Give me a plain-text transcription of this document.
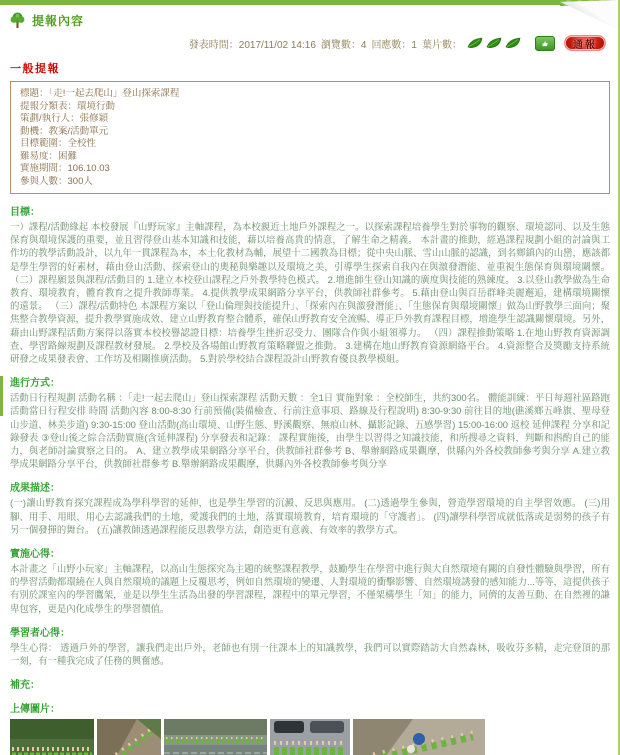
提報內容
發表時間：2017/11/02 14:16 瀏覽數：4 回應數：1 葉片數：	通報
一般提報
標題：「走!一起去爬山」登山探索課程
提報分類表：環境行動
策劃/執行人：張修穎
動機：教案/活動單元
目標範圍：全校性
難易度：困難
實施期間：106.10.03
參與人數：300人
目標：
一）課程/活動緣起 本校發展『山野玩家』主軸課程，為本校親近土地戶外課程之一。以探索課程培養學生對於事物的觀察、環境認同、以及生態保育與環境保護的重要，並且習得登山基本知識和技能，藉以培養高貴的情意，了解生命之精義。 本計畫的推動，經過課程規劃小組的討論與工作坊的教學活動設計，以九年一貫課程為本，本土化教材為輔，展望十二國教為目標；從中央山脈、雪山山脈的認識，到名鄉鎮內的山巒，應該都是學生學習的好素材，藉由登山活動、探索登山的奧秘與樂趣以及環境之美，引導學生探索自我內在與激發潛能、並重視生態保育與環境關懷。 （二）課程願景與課程/活動目的 1.建立本校登山課程之戶外教學特色模式。 2.增進師生登山知識的廣度與技能的熟練度。 3.以登山教學做為生命教育、環境教育，體育教育之提升教師專業。 4.提供教學成果網路分享平台，供教師社群參考。 5.藉由登山與百岳群峰美麗邂逅，建構環境關懷的遠景。 （三）課程/活動特色 本課程方案以「登山倫理與技能提升」、「探索內在與激發潛能」、「生態保育與環境關懷」做為山野教學三面向；聚焦整合教學資源，提升教學實施成效、建立山野教育整合體系，確保山野教育安全流暢、導正戶外教育課程目標，增進學生認識關懷環境。另外，藉由山野課程活動方案得以落實本校校譽認證目標：培養學生挫折忍受力、團隊合作與小組領導力。 （四）課程推動策略 1.在地山野教育資源調查、學習路線規劃及課程教材發展。 2.學校及各場館山野教育策略聯盟之推動。 3.建構在地山野教育資源網絡平台。 4.資源整合及獎勵支持系統研發之成果發表會、工作坊及相關推廣活動。 5.對於學校結合課程設計山野教育優良教學模組。
進行方式：
活動日行程規劃 活動名稱 ：「走!一起去爬山」登山探索課程 活動天數 ：全1日 實施對象 ：全校師生，共約300名。 體能訓練：平日每週社區路跑 活動當日行程安排 時間 活動內容 8:00-8:30 行前預備(裝備檢查、行前注意事項、路線及行程說明) 8:30-9:30 前往目的地(礁溪鄉五峰旗、聖母登山步道、林美步道) 9:30-15:00 登山活動(高山環境、山野生態、野溪觀察、無痕山林、攝影記錄、五感學習) 15:00-16:00 返校 延伸課程 分享和記錄發表 ③登山後之綜合活動實施(含延伸課程) 分享發表和記錄： 課程實施後，由學生以習得之知識技能，和所搜尋之資料，判斷和斟酌自己的能力，與老師討論實察之目的。 A、建立教學成果網路分享平台，供教師社群參考 B、舉辦網路成果觀摩，供縣內外各校教師參考與分享 A.建立教學成果網路分享平台，供教師社群參考 B.舉辦網路成果觀摩，供縣內外各校教師參考與分享
成果描述：
(一)讓山野教育探究課程成為學科學習的延伸，也是學生學習的沉澱、反思與應用。 (二)透過學生參與，營造學習環境的自主學習效應。 (三)用腳、用手、用眼、用心去認識我們的土地，愛護我們的土地，落實環境教育，培育環境的「守護者」。 (四)讓學科學習成就低落或是弱勢的孩子有另一個發揮的舞台。 (五)讓教師透過課程能反思教學方法，創造更有意義、有效率的教學方式。
實施心得：
本計畫之「山野小玩家」主軸課程，以高山生態探究為主題的統整課程教學，鼓勵學生在學習中進行與大自然環境有關的自發性體驗與學習，所有的學習活動都環繞在人與自然環境的議題上反覆思考，例如自然環境的變遷、人對環境的衝擊影響、自然環境誘發的感知能力...等等，這提供孩子有別於課室內的學習鷹架，並是以學生生活為出發的學習課程，課程中的單元學習，不僅架構學生「知」的能力，同儕的友善互動、在自然裡的謙卑包容，更是內化成學生的學習價值。
學習者心得：
學生心得： 透過戶外的學習，讓我們走出戶外，老師也有別一往課本上的知識教學，我們可以實際踏訪大自然森林，吸收芬多精，走完登頂的那一刻，有一種我完成了任務的興奮感。
補充：
上傳圖片：
